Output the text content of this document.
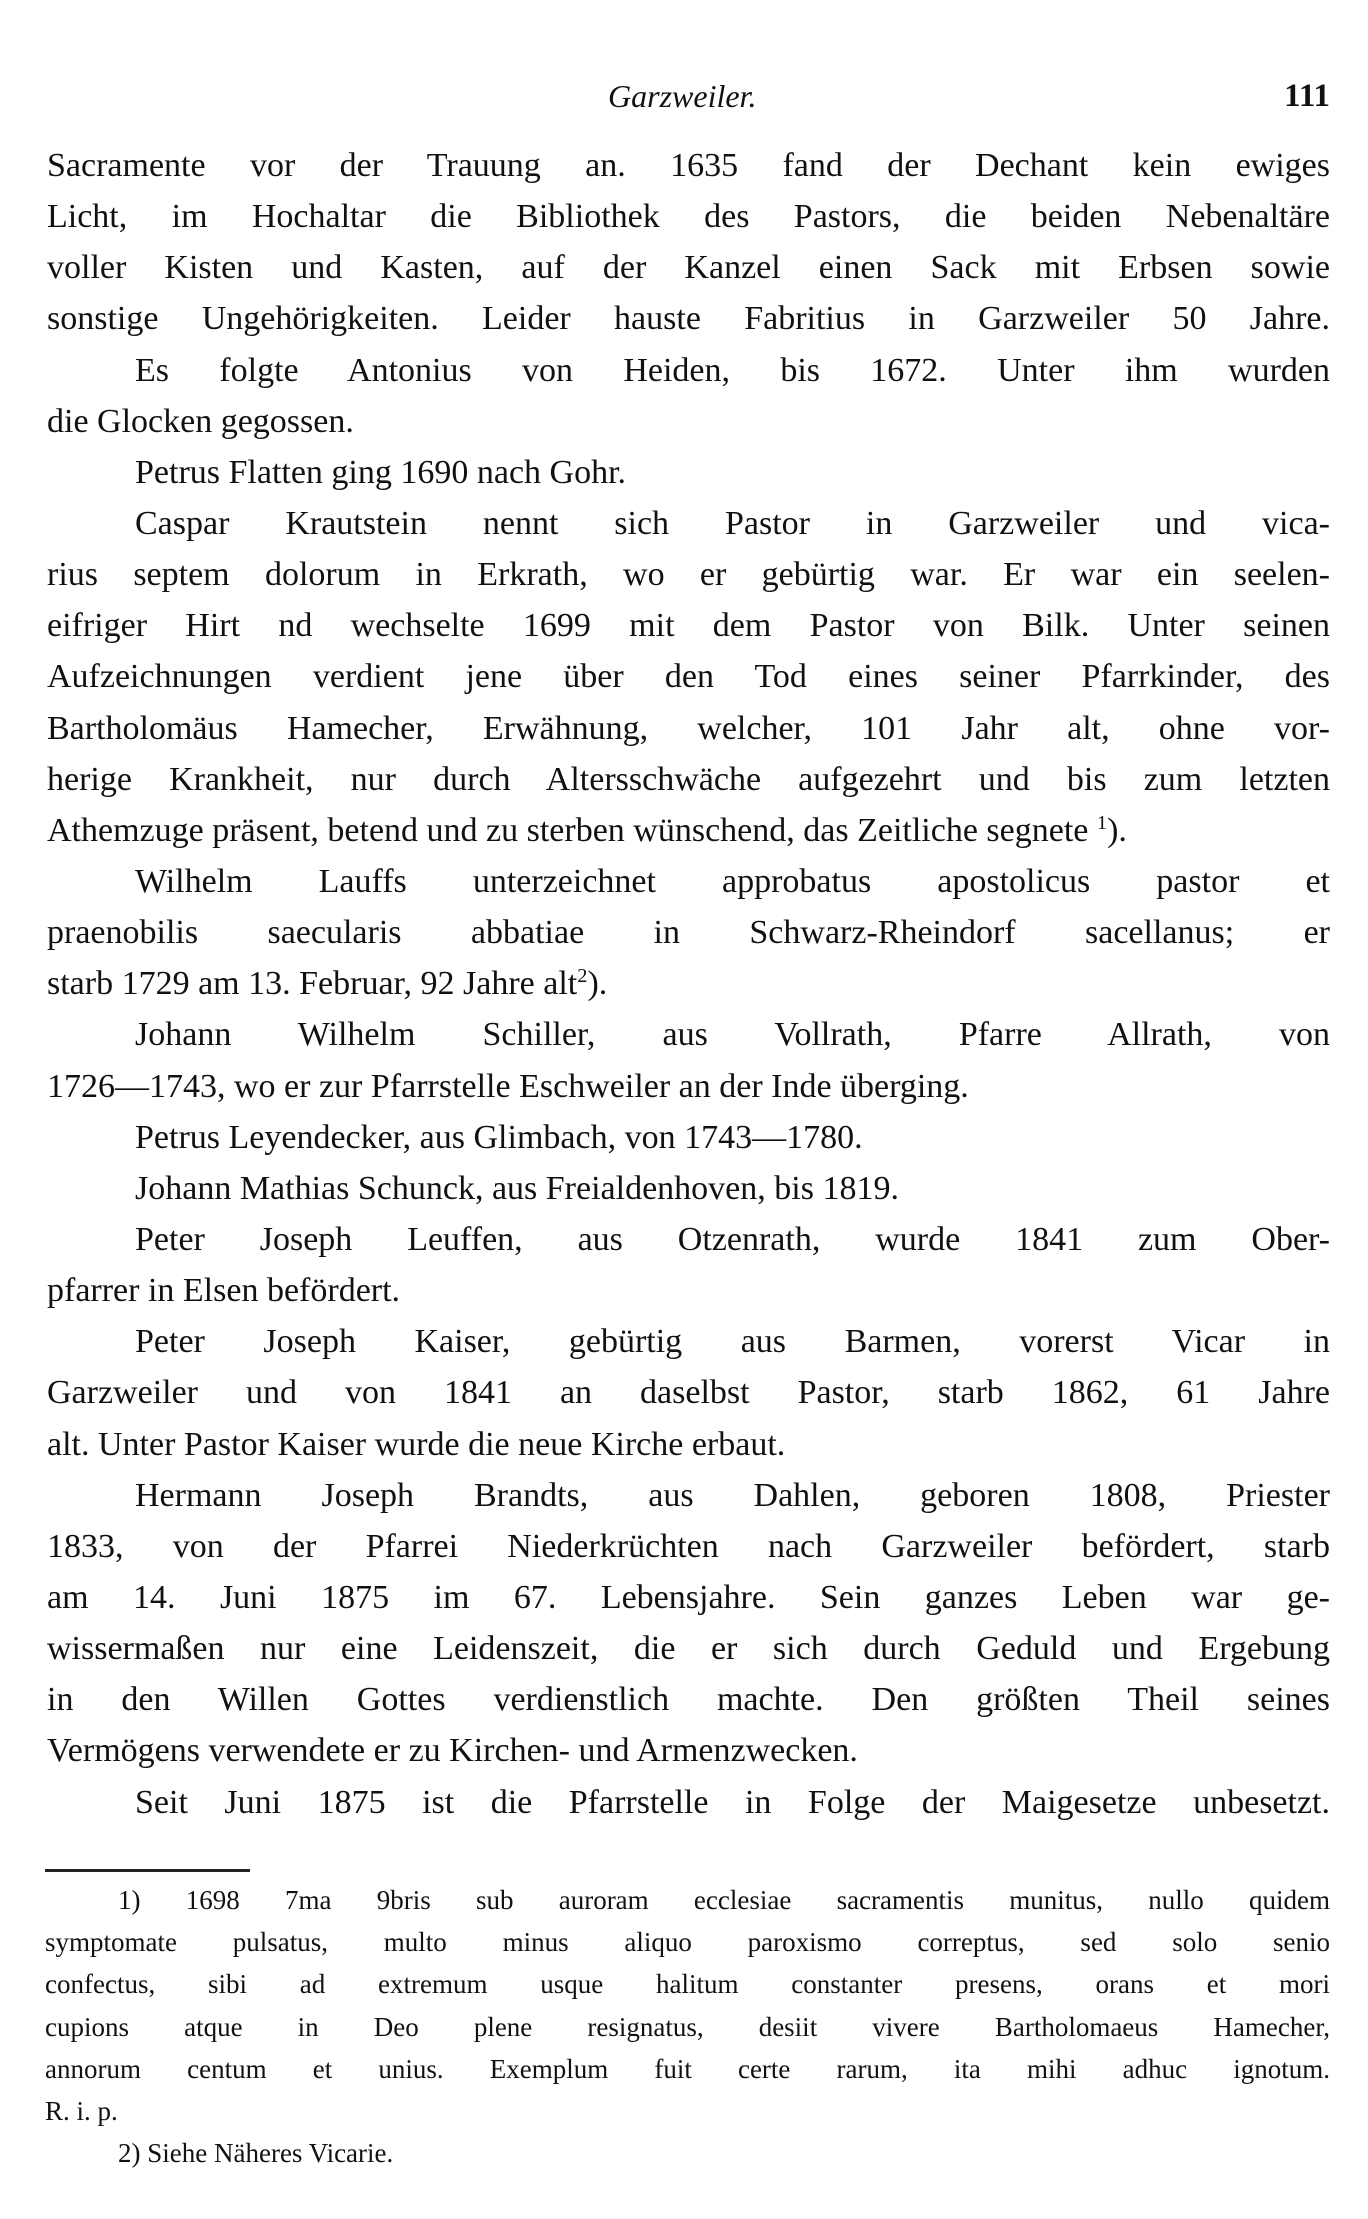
Garzweiler.	111
Sacramente vor der Trauung an. 1635 fand der Dechant kein ewiges
Licht, im Hochaltar die Bibliothek des Pastors, die beiden Nebenaltäre
voller Kisten und Kasten, auf der Kanzel einen Sack mit Erbsen sowie
sonstige Ungehörigkeiten. Leider hauste Fabritius in Garzweiler 50 Jahre.
Es folgte Antonius von Heiden, bis 1672. Unter ihm wurden
die Glocken gegossen.
Petrus Flatten ging 1690 nach Gohr.
Caspar Krautstein nennt sich Pastor in Garzweiler und vica-
rius septem dolorum in Erkrath, wo er gebürtig war. Er war ein seelen-
eifriger Hirt nd wechselte 1699 mit dem Pastor von Bilk. Unter seinen
Aufzeichnungen verdient jene über den Tod eines seiner Pfarrkinder, des
Bartholomäus Hamecher, Erwähnung, welcher, 101 Jahr alt, ohne vor-
herige Krankheit, nur durch Altersschwäche aufgezehrt und bis zum letzten
Athemzuge präsent, betend und zu sterben wünschend, das Zeitliche segnete $^1$).
Wilhelm Lauffs unterzeichnet approbatus apostolicus pastor et
praenobilis saecularis abbatiae in Schwarz-Rheindorf sacellanus; er
starb 1729 am 13. Februar, 92 Jahre alt$^2$).
Johann Wilhelm Schiller, aus Vollrath, Pfarre Allrath, von
1726—1743, wo er zur Pfarrstelle Eschweiler an der Inde überging.
Petrus Leyendecker, aus Glimbach, von 1743—1780.
Johann Mathias Schunck, aus Freialdenhoven, bis 1819.
Peter Joseph Leuffen, aus Otzenrath, wurde 1841 zum Ober-
pfarrer in Elsen befördert.
Peter Joseph Kaiser, gebürtig aus Barmen, vorerst Vicar in
Garzweiler und von 1841 an daselbst Pastor, starb 1862, 61 Jahre
alt. Unter Pastor Kaiser wurde die neue Kirche erbaut.
Hermann Joseph Brandts, aus Dahlen, geboren 1808, Priester
1833, von der Pfarrei Niederkrüchten nach Garzweiler befördert, starb
am 14. Juni 1875 im 67. Lebensjahre. Sein ganzes Leben war ge-
wissermaßen nur eine Leidenszeit, die er sich durch Geduld und Ergebung
in den Willen Gottes verdienstlich machte. Den größten Theil seines
Vermögens verwendete er zu Kirchen- und Armenzwecken.
Seit Juni 1875 ist die Pfarrstelle in Folge der Maigesetze unbesetzt.
1) 1698 7ma 9bris sub auroram ecclesiae sacramentis munitus, nullo quidem
symptomate pulsatus, multo minus aliquo paroxismo correptus, sed solo senio
confectus, sibi ad extremum usque halitum constanter presens, orans et mori
cupions atque in Deo plene resignatus, desiit vivere Bartholomaeus Hamecher,
annorum centum et unius. Exemplum fuit certe rarum, ita mihi adhuc ignotum.
R. i. p.
2) Siehe Näheres Vicarie.
